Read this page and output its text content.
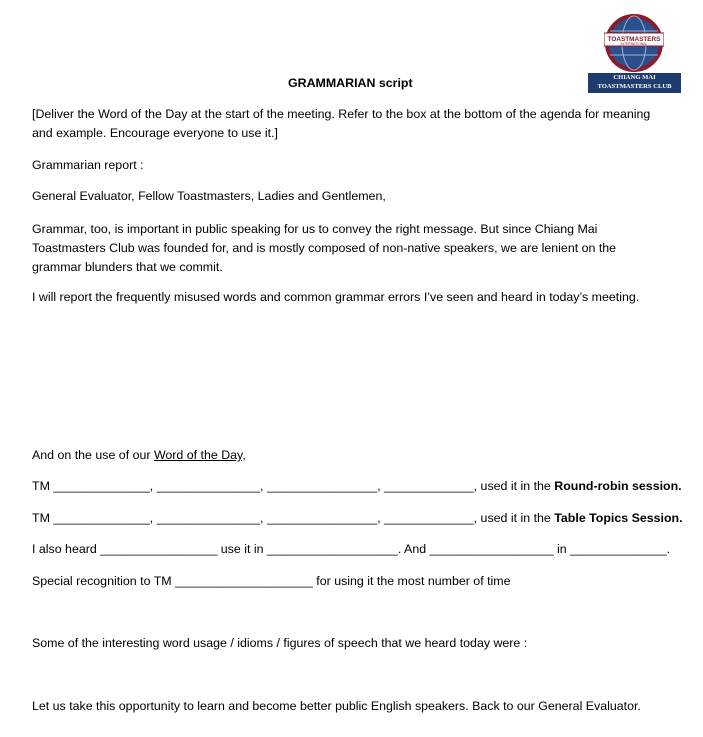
TOASTMASTERS
INTERNATIONAL
CHIANG MAI
TOASTMASTERS CLUB
GRAMMARIAN script
[Deliver the Word of the Day at the start of the meeting. Refer to the box at the bottom of the agenda for meaning and example. Encourage everyone to use it.]
Grammarian report :
General Evaluator, Fellow Toastmasters, Ladies and Gentlemen,
Grammar, too, is important in public speaking for us to convey the right message. But since Chiang Mai Toastmasters Club was founded for, and is mostly composed of non-native speakers, we are lenient on the grammar blunders that we commit.
I will report the frequently misused words and common grammar errors I’ve seen and heard in today’s meeting.
And on the use of our Word of the Day,
TM ______________, _______________, ________________, _____________, used it in the Round-robin session.
TM ______________, _______________, ________________, _____________, used it in the Table Topics Session.
I also heard _________________ use it in ___________________. And __________________ in ______________.
Special recognition to TM ____________________ for using it the most number of time
Some of the interesting word usage / idioms / figures of speech that we heard today were :
Let us take this opportunity to learn and become better public English speakers. Back to our General Evaluator.
